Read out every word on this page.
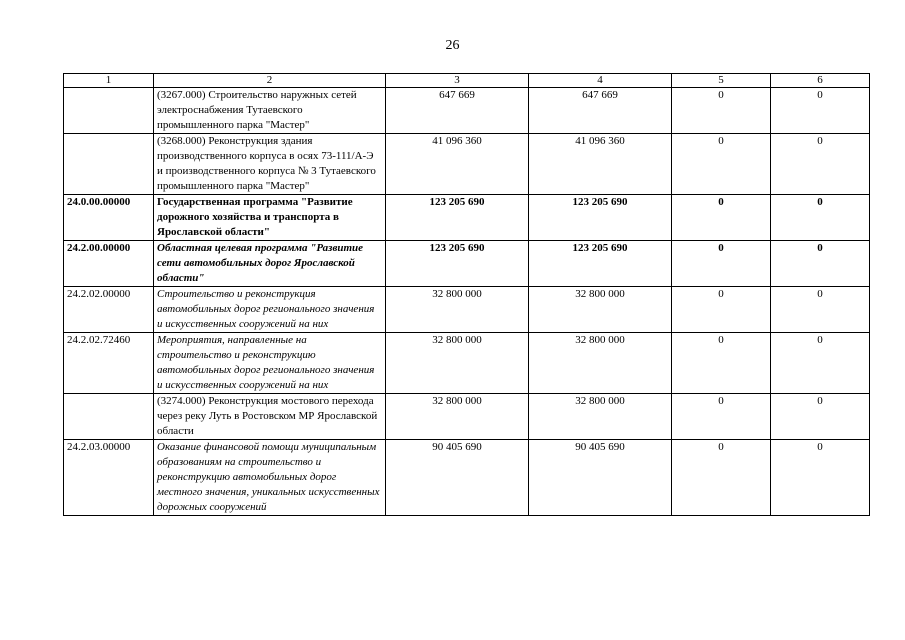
26
1	2	3	4	5	6
	(3267.000) Строительство наружных сетей электроснабжения Тутаевского промышленного парка "Мастер"	647 669	647 669	0	0
	(3268.000) Реконструкция здания производственного корпуса в осях 73-111/А-Э и производственного корпуса № 3 Тутаевского промышленного парка "Мастер"	41 096 360	41 096 360	0	0
24.0.00.00000	Государственная программа "Развитие дорожного хозяйства и транспорта в Ярославской области"	123 205 690	123 205 690	0	0
24.2.00.00000	Областная целевая программа "Развитие сети автомобильных дорог Ярославской области"	123 205 690	123 205 690	0	0
24.2.02.00000	Строительство и реконструкция автомобильных дорог регионального значения и искусственных сооружений на них	32 800 000	32 800 000	0	0
24.2.02.72460	Мероприятия, направленные на строительство и реконструкцию автомобильных дорог регионального значения и искусственных сооружений на них	32 800 000	32 800 000	0	0
	(3274.000) Реконструкция мостового перехода через реку Луть в Ростовском МР Ярославской области	32 800 000	32 800 000	0	0
24.2.03.00000	Оказание финансовой помощи муниципальным образованиям на строительство и реконструкцию автомобильных дорог местного значения, уникальных искусственных дорожных сооружений	90 405 690	90 405 690	0	0
